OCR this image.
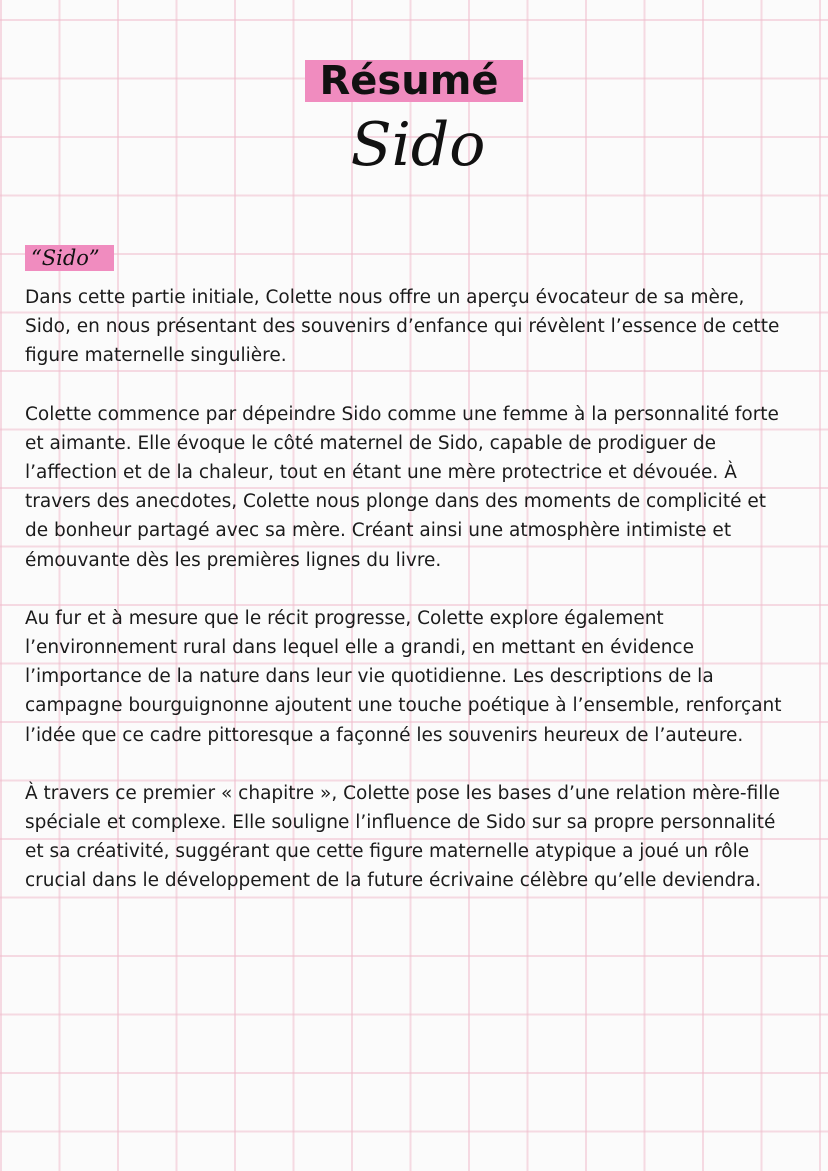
Résumé
Sido
“Sido”

Dans cette partie initiale, Colette nous offre un aperçu évocateur de sa mère, Sido, en nous présentant des souvenirs d’enfance qui révèlent l’essence de cette figure maternelle singulière.

Colette commence par dépeindre Sido comme une femme à la personnalité forte et aimante. Elle évoque le côté maternel de Sido, capable de prodiguer de l’affection et de la chaleur, tout en étant une mère protectrice et dévouée. À travers des anecdotes, Colette nous plonge dans des moments de complicité et de bonheur partagé avec sa mère. Créant ainsi une atmosphère intimiste et émouvante dès les premières lignes du livre.

Au fur et à mesure que le récit progresse, Colette explore également l’environnement rural dans lequel elle a grandi, en mettant en évidence l’importance de la nature dans leur vie quotidienne. Les descriptions de la campagne bourguignonne ajoutent une touche poétique à l’ensemble, renforçant l’idée que ce cadre pittoresque a façonné les souvenirs heureux de l’auteure.

À travers ce premier « chapitre », Colette pose les bases d’une relation mère-fille spéciale et complexe. Elle souligne l’influence de Sido sur sa propre personnalité et sa créativité, suggérant que cette figure maternelle atypique a joué un rôle crucial dans le développement de la future écrivaine célèbre qu’elle deviendra.
